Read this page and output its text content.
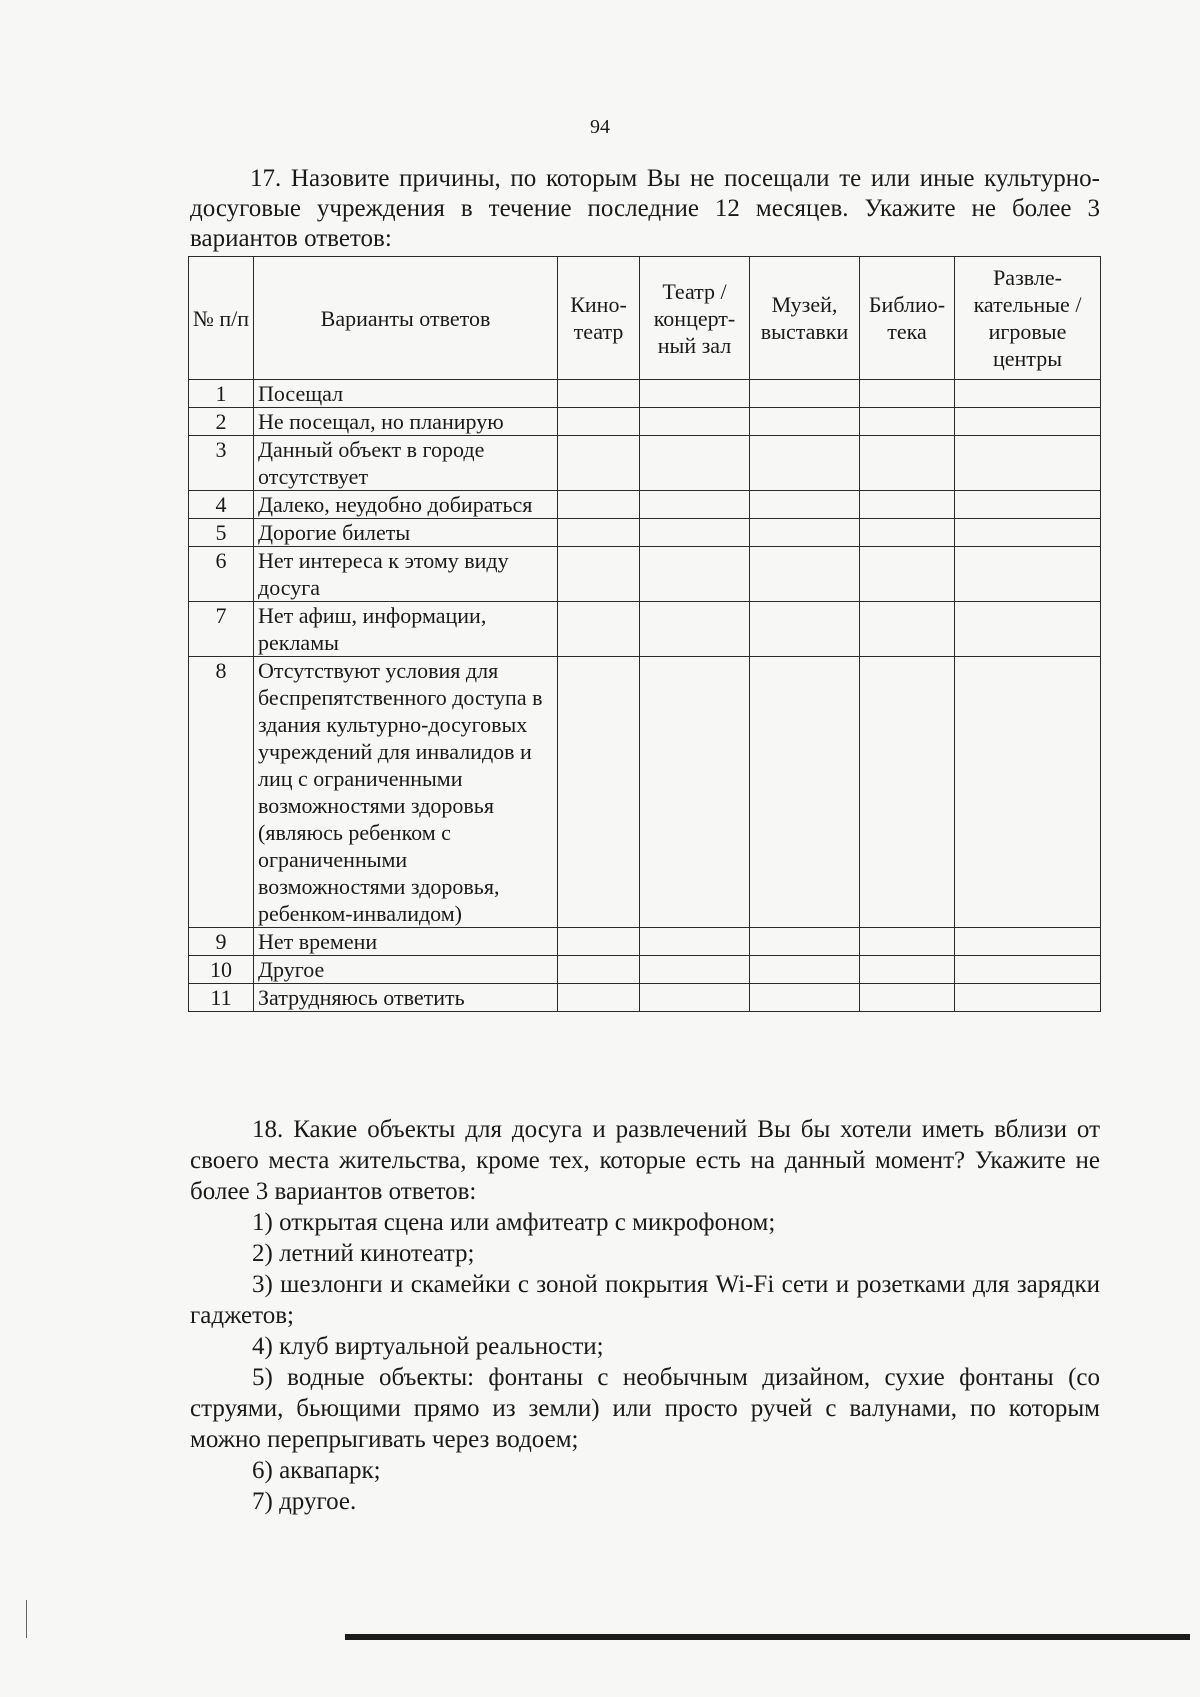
94

17. Назовите причины, по которым Вы не посещали те или иные культурно-досуговые учреждения в течение последние 12 месяцев. Укажите не более 3 вариантов ответов:

№ п/п	Варианты ответов	Кино-театр	Театр / концерт-ный зал	Музей, выставки	Библио-тека	Развле-кательные / игровые центры
1	Посещал					
2	Не посещал, но планирую					
3	Данный объект в городе отсутствует					
4	Далеко, неудобно добираться					
5	Дорогие билеты					
6	Нет интереса к этому виду досуга					
7	Нет афиш, информации, рекламы					
8	Отсутствуют условия для беспрепятственного доступа в здания культурно-досуговых учреждений для инвалидов и лиц с ограниченными возможностями здоровья (являюсь ребенком с ограниченными возможностями здоровья, ребенком-инвалидом)					
9	Нет времени					
10	Другое					
11	Затрудняюсь ответить					

18. Какие объекты для досуга и развлечений Вы бы хотели иметь вблизи от своего места жительства, кроме тех, которые есть на данный момент? Укажите не более 3 вариантов ответов:

1) открытая сцена или амфитеатр с микрофоном;
2) летний кинотеатр;
3) шезлонги и скамейки с зоной покрытия Wi-Fi сети и розетками для зарядки гаджетов;
4) клуб виртуальной реальности;
5) водные объекты: фонтаны с необычным дизайном, сухие фонтаны (со струями, бьющими прямо из земли) или просто ручей с валунами, по которым можно перепрыгивать через водоем;
6) аквапарк;
7) другое.
